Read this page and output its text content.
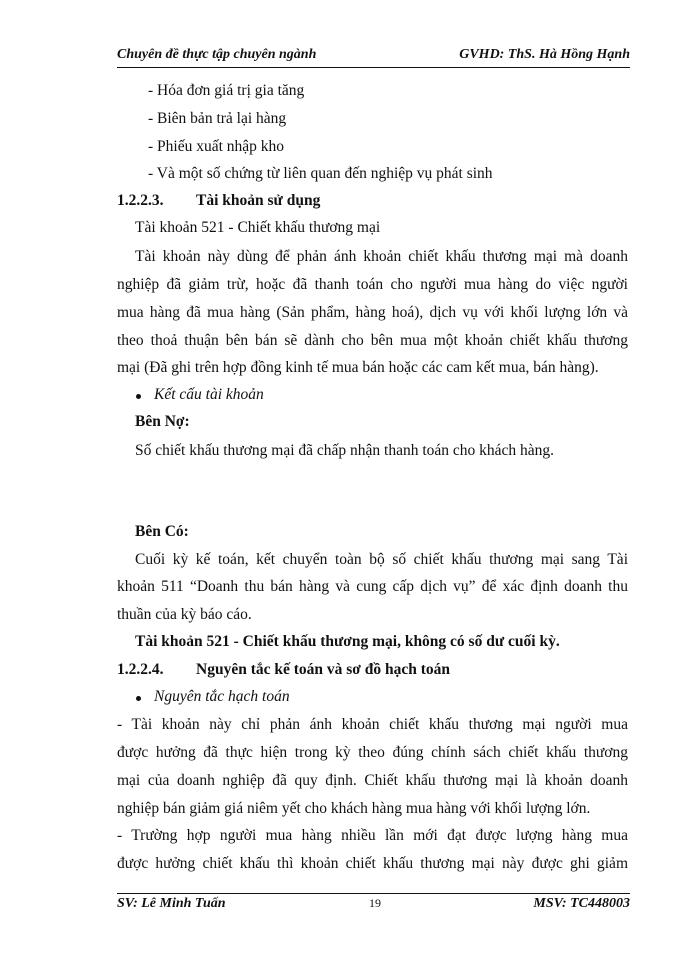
Chuyên đề thực tập chuyên ngành	GVHD: ThS. Hà Hồng Hạnh
- Hóa đơn giá trị gia tăng
- Biên bản trả lại hàng
- Phiếu xuất nhập kho
- Và một số chứng từ liên quan đến nghiệp vụ phát sinh
1.2.2.3. Tài khoản sử dụng
Tài khoản 521 - Chiết khấu thương mại
Tài khoản này dùng để phản ánh khoản chiết khấu thương mại mà doanh
nghiệp đã giảm trừ, hoặc đã thanh toán cho người mua hàng do việc người
mua hàng đã mua hàng (Sản phẩm, hàng hoá), dịch vụ với khối lượng lớn và
theo thoả thuận bên bán sẽ dành cho bên mua một khoản chiết khấu thương
mại (Đã ghi trên hợp đồng kinh tế mua bán hoặc các cam kết mua, bán hàng).
Kết cấu tài khoản
Bên Nợ:
Số chiết khấu thương mại đã chấp nhận thanh toán cho khách hàng.
Bên Có:
Cuối kỳ kế toán, kết chuyển toàn bộ số chiết khấu thương mại sang Tài
khoản 511 “Doanh thu bán hàng và cung cấp dịch vụ” để xác định doanh thu
thuần của kỳ báo cáo.
Tài khoản 521 - Chiết khấu thương mại, không có số dư cuối kỳ.
1.2.2.4. Nguyên tắc kế toán và sơ đồ hạch toán
Nguyên tắc hạch toán
- Tài khoản này chỉ phản ánh khoản chiết khấu thương mại người mua
được hưởng đã thực hiện trong kỳ theo đúng chính sách chiết khấu thương
mại của doanh nghiệp đã quy định. Chiết khấu thương mại là khoản doanh
nghiệp bán giảm giá niêm yết cho khách hàng mua hàng với khối lượng lớn.
- Trường hợp người mua hàng nhiều lần mới đạt được lượng hàng mua
được hưởng chiết khấu thì khoản chiết khấu thương mại này được ghi giảm
SV: Lê Minh Tuấn	19	MSV: TC448003
